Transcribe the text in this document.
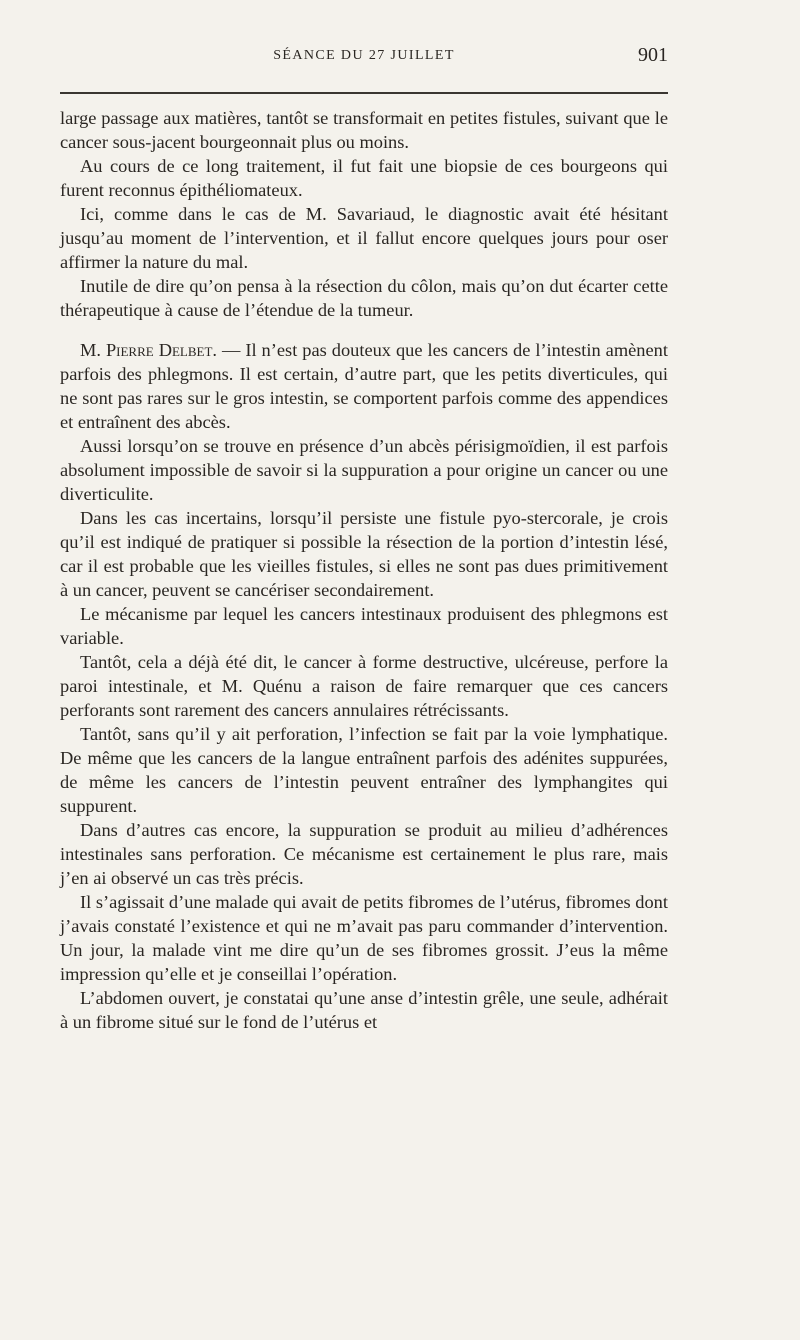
SÉANCE DU 27 JUILLET	901

large passage aux matières, tantôt se transformait en petites fistules, suivant que le cancer sous-jacent bourgeonnait plus ou moins.

Au cours de ce long traitement, il fut fait une biopsie de ces bourgeons qui furent reconnus épithéliomateux.

Ici, comme dans le cas de M. Savariaud, le diagnostic avait été hésitant jusqu’au moment de l’intervention, et il fallut encore quelques jours pour oser affirmer la nature du mal.

Inutile de dire qu’on pensa à la résection du côlon, mais qu’on dut écarter cette thérapeutique à cause de l’étendue de la tumeur.

M. Pierre Delbet. — Il n’est pas douteux que les cancers de l’intestin amènent parfois des phlegmons. Il est certain, d’autre part, que les petits diverticules, qui ne sont pas rares sur le gros intestin, se comportent parfois comme des appendices et entraînent des abcès.

Aussi lorsqu’on se trouve en présence d’un abcès périsigmoïdien, il est parfois absolument impossible de savoir si la suppuration a pour origine un cancer ou une diverticulite.

Dans les cas incertains, lorsqu’il persiste une fistule pyo-stercorale, je crois qu’il est indiqué de pratiquer si possible la résection de la portion d’intestin lésé, car il est probable que les vieilles fistules, si elles ne sont pas dues primitivement à un cancer, peuvent se cancériser secondairement.

Le mécanisme par lequel les cancers intestinaux produisent des phlegmons est variable.

Tantôt, cela a déjà été dit, le cancer à forme destructive, ulcéreuse, perfore la paroi intestinale, et M. Quénu a raison de faire remarquer que ces cancers perforants sont rarement des cancers annulaires rétrécissants.

Tantôt, sans qu’il y ait perforation, l’infection se fait par la voie lymphatique. De même que les cancers de la langue entraînent parfois des adénites suppurées, de même les cancers de l’intestin peuvent entraîner des lymphangites qui suppurent.

Dans d’autres cas encore, la suppuration se produit au milieu d’adhérences intestinales sans perforation. Ce mécanisme est certainement le plus rare, mais j’en ai observé un cas très précis.

Il s’agissait d’une malade qui avait de petits fibromes de l’utérus, fibromes dont j’avais constaté l’existence et qui ne m’avait pas paru commander d’intervention. Un jour, la malade vint me dire qu’un de ses fibromes grossit. J’eus la même impression qu’elle et je conseillai l’opération.

L’abdomen ouvert, je constatai qu’une anse d’intestin grêle, une seule, adhérait à un fibrome situé sur le fond de l’utérus et
